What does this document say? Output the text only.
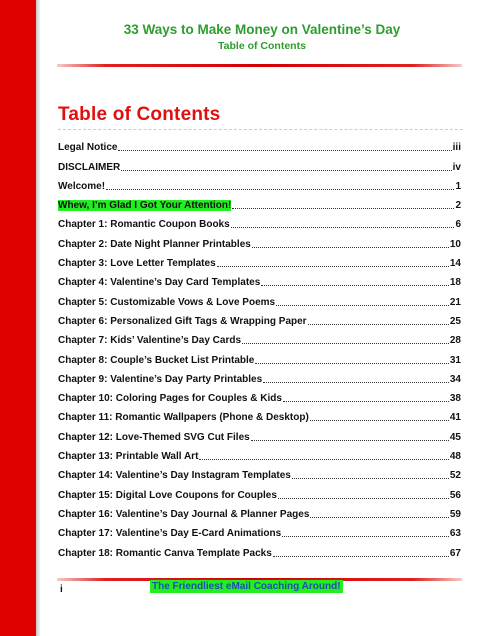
33 Ways to Make Money on Valentine’s Day
Table of Contents
Table of Contents
Legal Notice	iii
DISCLAIMER	iv
Welcome!	1
Whew, I’m Glad I Got Your Attention!	2
Chapter 1: Romantic Coupon Books	6
Chapter 2: Date Night Planner Printables	10
Chapter 3: Love Letter Templates	14
Chapter 4: Valentine’s Day Card Templates	18
Chapter 5: Customizable Vows & Love Poems	21
Chapter 6: Personalized Gift Tags & Wrapping Paper	25
Chapter 7: Kids’ Valentine’s Day Cards	28
Chapter 8: Couple’s Bucket List Printable	31
Chapter 9: Valentine’s Day Party Printables	34
Chapter 10: Coloring Pages for Couples & Kids	38
Chapter 11: Romantic Wallpapers (Phone & Desktop)	41
Chapter 12: Love-Themed SVG Cut Files	45
Chapter 13: Printable Wall Art	48
Chapter 14: Valentine’s Day Instagram Templates	52
Chapter 15: Digital Love Coupons for Couples	56
Chapter 16: Valentine’s Day Journal & Planner Pages	59
Chapter 17: Valentine’s Day E-Card Animations	63
Chapter 18: Romantic Canva Template Packs	67
i	The Friendliest eMail Coaching Around!
